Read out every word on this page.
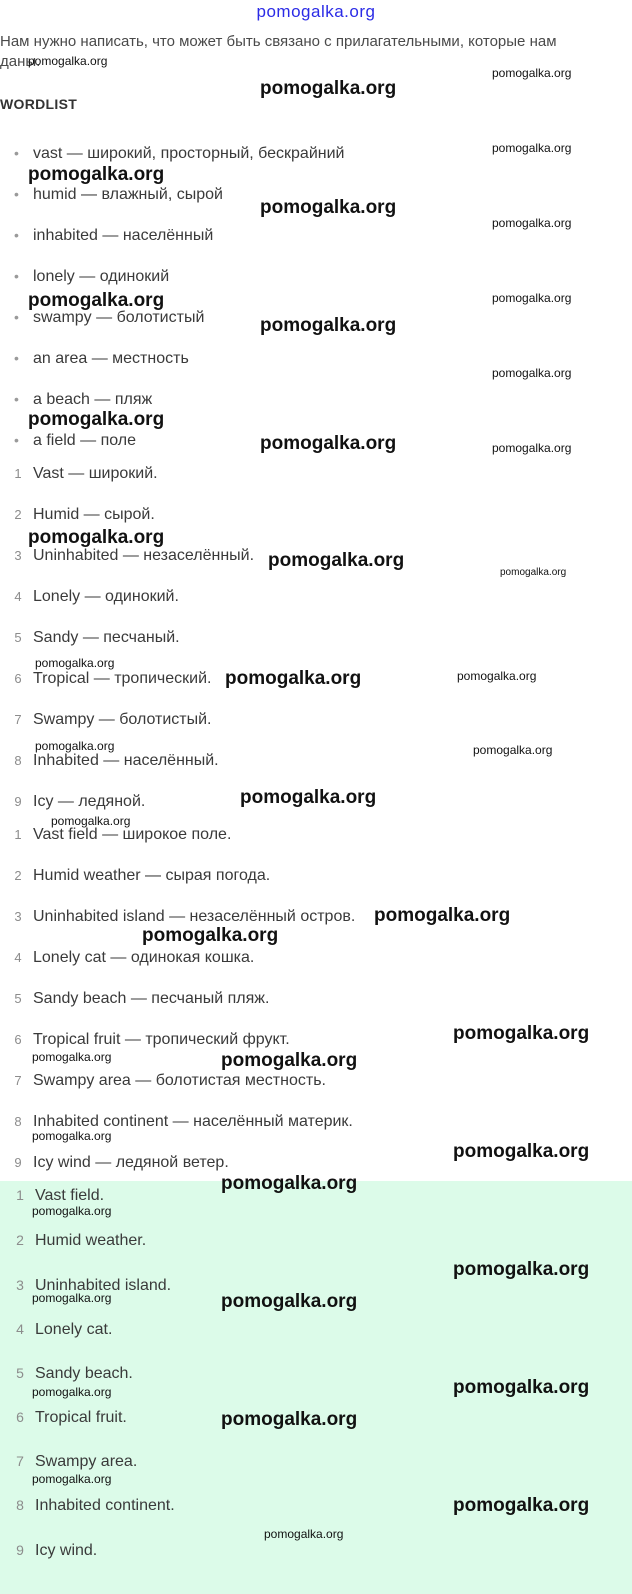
pomogalka.org
Нам нужно написать, что может быть связано с прилагательными, которые нам даны.
WORDLIST
• vast — широкий, просторный, бескрайний
• humid — влажный, сырой
• inhabited — населённый
• lonely — одинокий
• swampy — болотистый
• an area — местность
• a beach — пляж
• a field — поле
1 Vast — широкий.
2 Humid — сырой.
3 Uninhabited — незаселённый.
4 Lonely — одинокий.
5 Sandy — песчаный.
6 Tropical — тропический.
7 Swampy — болотистый.
8 Inhabited — населённый.
9 Icy — ледяной.
1 Vast field — широкое поле.
2 Humid weather — сырая погода.
3 Uninhabited island — незаселённый остров.
4 Lonely cat — одинокая кошка.
5 Sandy beach — песчаный пляж.
6 Tropical fruit — тропический фрукт.
7 Swampy area — болотистая местность.
8 Inhabited continent — населённый материк.
9 Icy wind — ледяной ветер.
1 Vast field.
2 Humid weather.
3 Uninhabited island.
4 Lonely cat.
5 Sandy beach.
6 Tropical fruit.
7 Swampy area.
8 Inhabited continent.
9 Icy wind.
pomogalka.org
pomogalka.org
pomogalka.org
pomogalka.org
pomogalka.org
pomogalka.org
pomogalka.org
pomogalka.org
pomogalka.org
pomogalka.org
pomogalka.org
pomogalka.org
pomogalka.org	pomogalka.org
pomogalka.org
pomogalka.org
pomogalka.org
pomogalka.org
pomogalka.org
pomogalka.org
pomogalka.org	pomogalka.org
pomogalka.org
pomogalka.org
pomogalka.org
pomogalka.org
pomogalka.org
pomogalka.org	pomogalka.org
pomogalka.org
pomogalka.org
pomogalka.org
pomogalka.org
pomogalka.org
pomogalka.org	pomogalka.org
pomogalka.org
pomogalka.org
pomogalka.org
pomogalka.org
pomogalka.org
pomogalka.org
